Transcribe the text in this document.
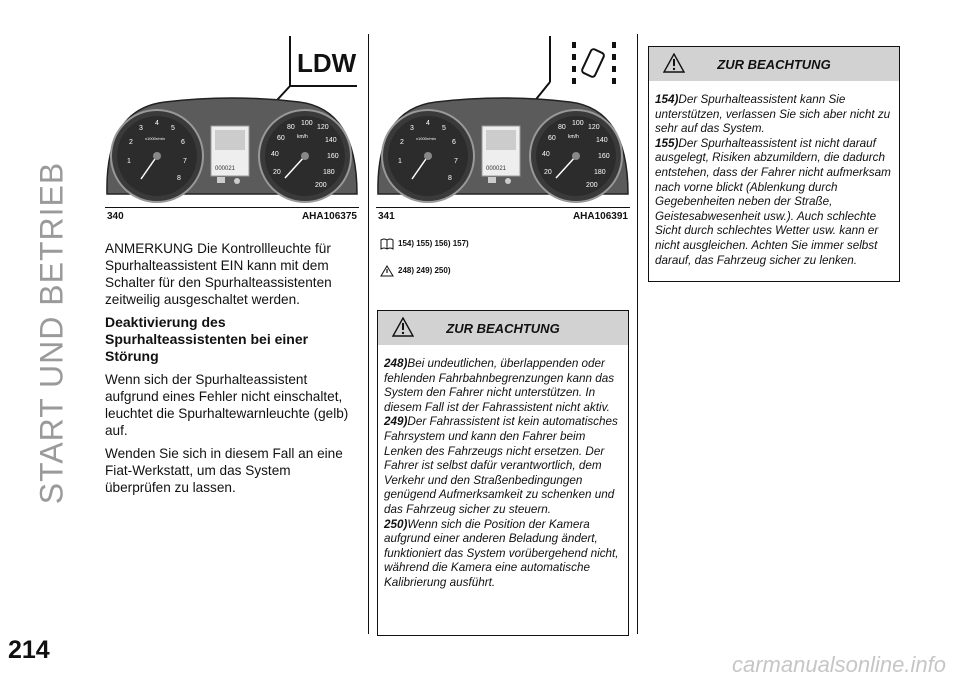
START UND BETRIEB
214
carmanualsonline.info
LDW
1
2
3
4
5
6
7
8
x1000r/min
000021	20
40
60
80
100
120
140
160
180
200
km/h
340	AHA106375
1
2
3
4
5
6
7
8
x1000r/min
000021	20
40
60
80
100
120
140
160
180
200
km/h
341	AHA106391

ANMERKUNG Die Kontrollleuchte für Spurhalteassistent EIN kann mit dem Schalter für den Spurhalteassistenten zeitweilig ausgeschaltet werden.

Deaktivierung des Spurhalteassistenten bei einer Störung

Wenn sich der Spurhalteassistent aufgrund eines Fehler nicht einschaltet, leuchtet die Spurhaltewarnleuchte (gelb) auf.

Wenden Sie sich in diesem Fall an eine Fiat-Werkstatt, um das System überprüfen zu lassen.

154) 155) 156) 157)
248) 249) 250)
ZUR BEACHTUNG

248)Bei undeutlichen, überlappenden oder fehlenden Fahrbahnbegrenzungen kann das System den Fahrer nicht unterstützen. In diesem Fall ist der Fahrassistent nicht aktiv.

249)Der Fahrassistent ist kein automatisches Fahrsystem und kann den Fahrer beim Lenken des Fahrzeugs nicht ersetzen. Der Fahrer ist selbst dafür verantwortlich, dem Verkehr und den Straßenbedingungen genügend Aufmerksamkeit zu schenken und das Fahrzeug sicher zu steuern.

250)Wenn sich die Position der Kamera aufgrund einer anderen Beladung ändert, funktioniert das System vorübergehend nicht, während die Kamera eine automatische Kalibrierung ausführt.

ZUR BEACHTUNG

154)Der Spurhalteassistent kann Sie unterstützen, verlassen Sie sich aber nicht zu sehr auf das System.

155)Der Spurhalteassistent ist nicht darauf ausgelegt, Risiken abzumildern, die dadurch entstehen, dass der Fahrer nicht aufmerksam nach vorne blickt (Ablenkung durch Gegebenheiten neben der Straße, Geistesabwesenheit usw.). Auch schlechte Sicht durch schlechtes Wetter usw. kann er nicht ausgleichen. Achten Sie immer selbst darauf, das Fahrzeug sicher zu lenken.
